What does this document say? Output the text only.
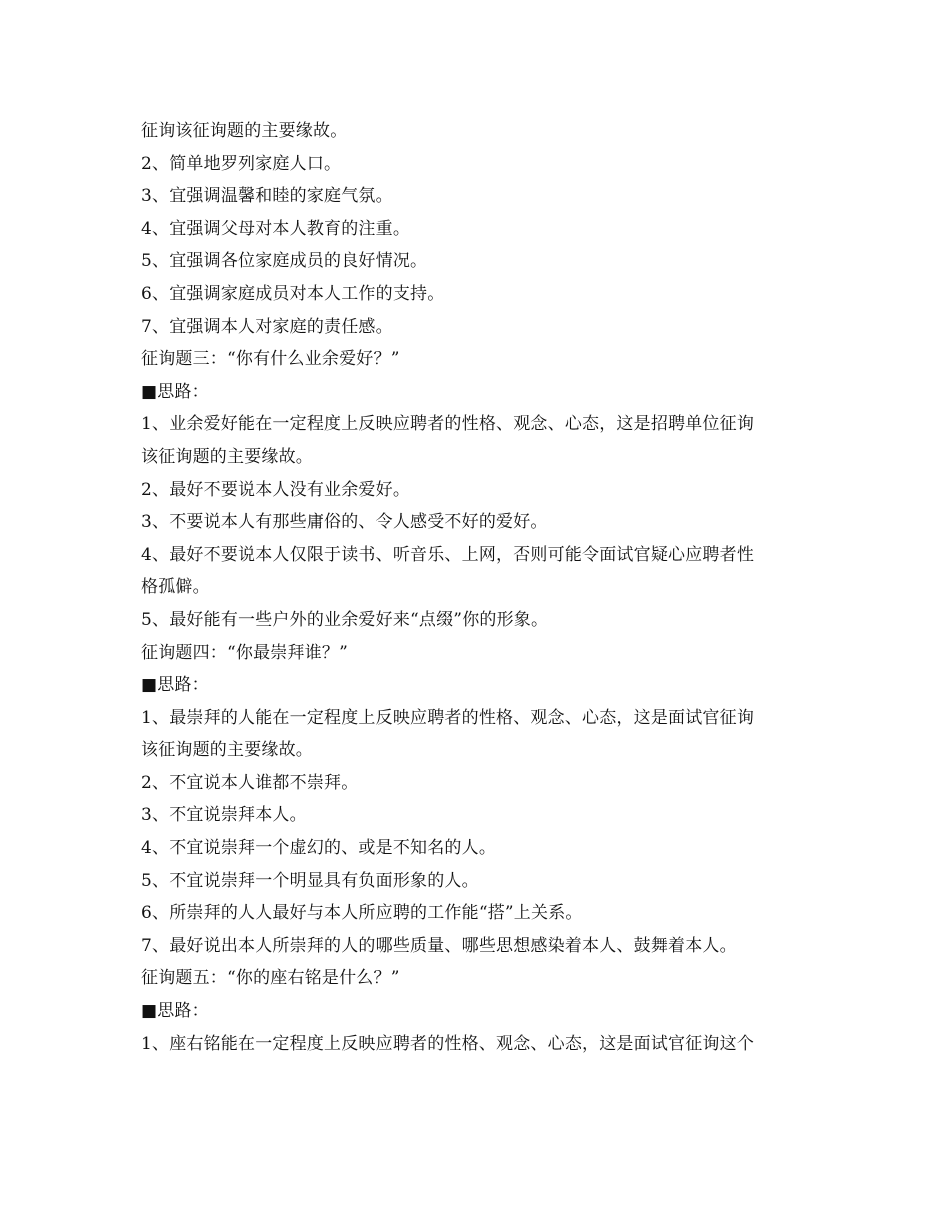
征询该征询题的主要缘故。
2、简单地罗列家庭人口。
3、宜强调温馨和睦的家庭气氛。
4、宜强调父母对本人教育的注重。
5、宜强调各位家庭成员的良好情况。
6、宜强调家庭成员对本人工作的支持。
7、宜强调本人对家庭的责任感。
征询题三：“你有什么业余爱好？”
■思路：
1、业余爱好能在一定程度上反映应聘者的性格、观念、心态，这是招聘单位征询
该征询题的主要缘故。
2、最好不要说本人没有业余爱好。
3、不要说本人有那些庸俗的、令人感受不好的爱好。
4、最好不要说本人仅限于读书、听音乐、上网，否则可能令面试官疑心应聘者性
格孤僻。
5、最好能有一些户外的业余爱好来“点缀”你的形象。
征询题四：“你最崇拜谁？”
■思路：
1、最崇拜的人能在一定程度上反映应聘者的性格、观念、心态，这是面试官征询
该征询题的主要缘故。
2、不宜说本人谁都不崇拜。
3、不宜说崇拜本人。
4、不宜说崇拜一个虚幻的、或是不知名的人。
5、不宜说崇拜一个明显具有负面形象的人。
6、所崇拜的人人最好与本人所应聘的工作能“搭”上关系。
7、最好说出本人所崇拜的人的哪些质量、哪些思想感染着本人、鼓舞着本人。
征询题五：“你的座右铭是什么？”
■思路：
1、座右铭能在一定程度上反映应聘者的性格、观念、心态，这是面试官征询这个
